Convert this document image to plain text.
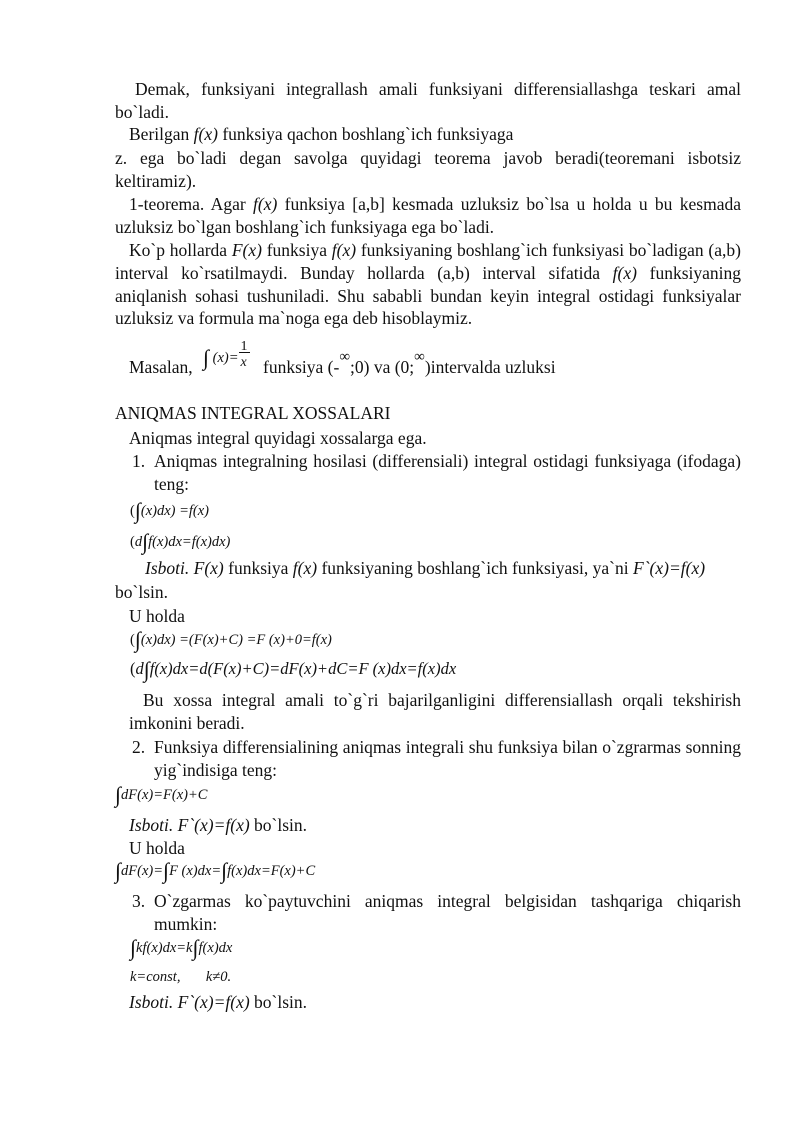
Demak, funksiyani integrallash amali funksiyani differensiallashga teskari amal bo`ladi.
Berilgan f(x) funksiya qachon boshlang`ich funksiyaga
z. ega bo`ladi degan savolga quyidagi teorema javob beradi(teoremani isbotsiz keltiramiz).
1-teorema. Agar f(x) funksiya [a,b] kesmada uzluksiz bo`lsa u holda u bu kesmada uzluksiz bo`lgan boshlang`ich funksiyaga ega bo`ladi.
Ko`p hollarda F(x) funksiya f(x) funksiyaning boshlang`ich funksiyasi bo`ladigan (a,b) interval ko`rsatilmaydi. Bunday hollarda (a,b) interval sifatida f(x) funksiyaning aniqlanish sohasi tushuniladi. Shu sababli bundan keyin integral ostidagi funksiyalar uzluksiz va formula ma`noga ega deb hisoblaymiz.
Masalan, ∫ (x)=
1
x funksiya (-∞;0) va (0;∞)intervalda uzluksi
ANIQMAS INTEGRAL XOSSALARI
Aniqmas integral quyidagi xossalarga ega.
1. Aniqmas integralning hosilasi (differensiali) integral ostidagi funksiyaga (ifodaga) teng:
(∫(x)dx) =f(x)
(d∫f(x)dx=f(x)dx)
Isboti. F(x) funksiya f(x) funksiyaning boshlang`ich funksiyasi, ya`ni F`(x)=f(x)
bo`lsin.
U holda
(∫(x)dx) =(F(x)+C) =F (x)+0=f(x)
(d∫f(x)dx=d(F(x)+C)=dF(x)+dC=F (x)dx=f(x)dx
Bu xossa integral amali to`g`ri bajarilganligini differensiallash orqali tekshirish imkonini beradi.
2. Funksiya differensialining aniqmas integrali shu funksiya bilan o`zgrarmas sonning yig`indisiga teng:
∫dF(x)=F(x)+C
Isboti. F`(x)=f(x) bo`lsin.
U holda
∫dF(x)=∫F (x)dx=∫f(x)dx=F(x)+C
3. O`zgarmas ko`paytuvchini aniqmas integral belgisidan tashqariga chiqarish mumkin:
∫kf(x)dx=k∫f(x)dx
k=const,       k≠0.
Isboti. F`(x)=f(x) bo`lsin.
